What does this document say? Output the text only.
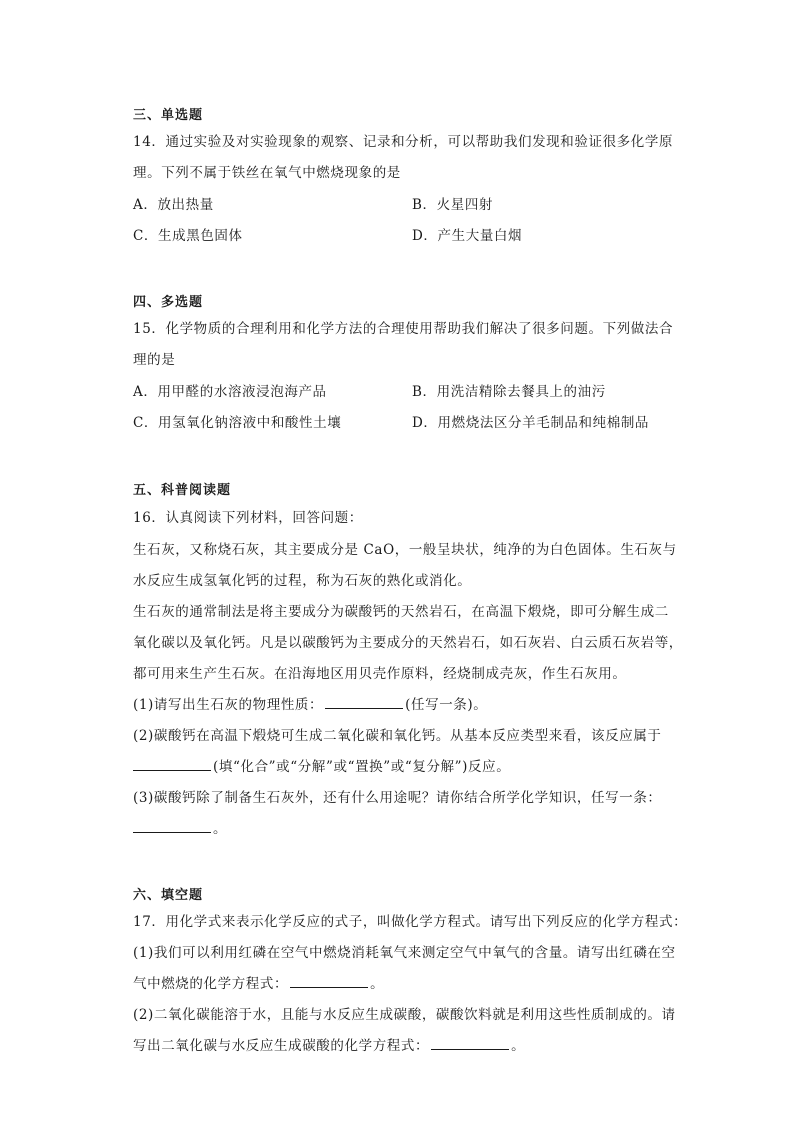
三、单选题
14．通过实验及对实验现象的观察、记录和分析，可以帮助我们发现和验证很多化学原
理。下列不属于铁丝在氧气中燃烧现象的是
A．放出热量	B．火星四射
C．生成黑色固体	D．产生大量白烟
四、多选题
15．化学物质的合理利用和化学方法的合理使用帮助我们解决了很多问题。下列做法合
理的是
A．用甲醛的水溶液浸泡海产品	B．用洗洁精除去餐具上的油污
C．用氢氧化钠溶液中和酸性土壤	D．用燃烧法区分羊毛制品和纯棉制品
五、科普阅读题
16．认真阅读下列材料，回答问题：
生石灰，又称烧石灰，其主要成分是 CaO，一般呈块状，纯净的为白色固体。生石灰与
水反应生成氢氧化钙的过程，称为石灰的熟化或消化。
生石灰的通常制法是将主要成分为碳酸钙的天然岩石，在高温下煅烧，即可分解生成二
氧化碳以及氧化钙。凡是以碳酸钙为主要成分的天然岩石，如石灰岩、白云质石灰岩等，
都可用来生产生石灰。在沿海地区用贝壳作原料，经烧制成壳灰，作生石灰用。
(1)请写出生石灰的物理性质：	(任写一条)。
(2)碳酸钙在高温下煅烧可生成二氧化碳和氧化钙。从基本反应类型来看，该反应属于
(填“化合”或“分解”或“置换”或“复分解”)反应。
(3)碳酸钙除了制备生石灰外，还有什么用途呢？请你结合所学化学知识，任写一条：
。
六、填空题
17．用化学式来表示化学反应的式子，叫做化学方程式。请写出下列反应的化学方程式：
(1)我们可以利用红磷在空气中燃烧消耗氧气来测定空气中氧气的含量。请写出红磷在空
气中燃烧的化学方程式：	。
(2)二氧化碳能溶于水，且能与水反应生成碳酸，碳酸饮料就是利用这些性质制成的。请
写出二氧化碳与水反应生成碳酸的化学方程式：	。
